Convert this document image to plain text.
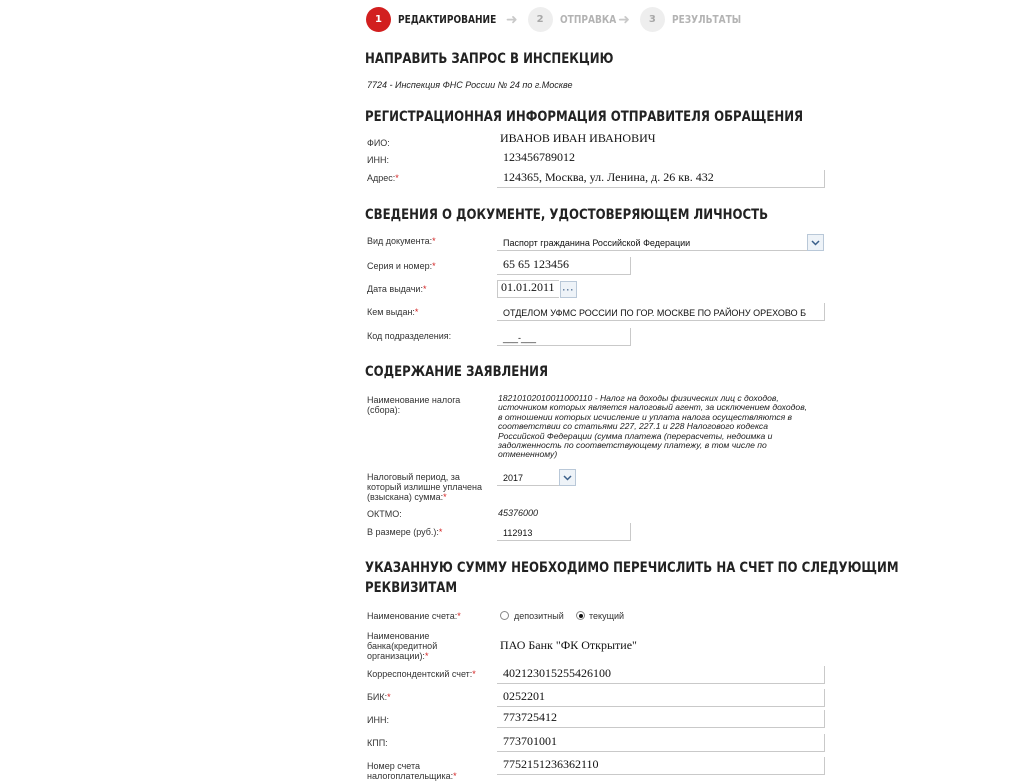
1	РЕДАКТИРОВАНИЕ ➜	2	ОТПРАВКА ➜	3	РЕЗУЛЬТАТЫ
НАПРАВИТЬ ЗАПРОС В ИНСПЕКЦИЮ
7724 - Инспекция ФНС России № 24 по г.Москве
РЕГИСТРАЦИОННАЯ ИНФОРМАЦИЯ ОТПРАВИТЕЛЯ ОБРАЩЕНИЯ
ФИО:	ИВАНОВ ИВАН ИВАНОВИЧ
ИНН:	123456789012
Адрес:*	124365, Москва, ул. Ленина, д. 26 кв. 432
СВЕДЕНИЯ О ДОКУМЕНТЕ, УДОСТОВЕРЯЮЩЕМ ЛИЧНОСТЬ
Вид документа:*	Паспорт гражданина Российской Федерации
Серия и номер:*	65 65 123456
Дата выдачи:*	01.01.2011 ···
Кем выдан:*	ОТДЕЛОМ УФМС РОССИИ ПО ГОР. МОСКВЕ ПО РАЙОНУ ОРЕХОВО Б
Код подразделения:	___-___
СОДЕРЖАНИЕ ЗАЯВЛЕНИЯ
Наименование налога (сбора):
18210102010011000110 - Налог на доходы физических лиц с доходов, источником которых является налоговый агент, за исключением доходов, в отношении которых исчисление и уплата налога осуществляются в соответствии со статьями 227, 227.1 и 228 Налогового кодекса Российской Федерации (сумма платежа (перерасчеты, недоимка и задолженность по соответствующему платежу, в том числе по отмененному)
Налоговый период, за который излишне уплачена (взыскана) сумма:*
2017
ОКТМО:	45376000
В размере (руб.):*	112913
УКАЗАННУЮ СУММУ НЕОБХОДИМО ПЕРЕЧИСЛИТЬ НА СЧЕТ ПО СЛЕДУЮЩИМ
РЕКВИЗИТАМ
Наименование счета:*	депозитный	текущий
Наименование банка(кредитной организации):*
ПАО Банк "ФК Открытие"
Корреспондентский счет:* 40212301525542610​0
БИК:*	0252201
ИНН:	773725412
КПП:	773701001
Номер счета налогоплательщика:*
7752151236362110
